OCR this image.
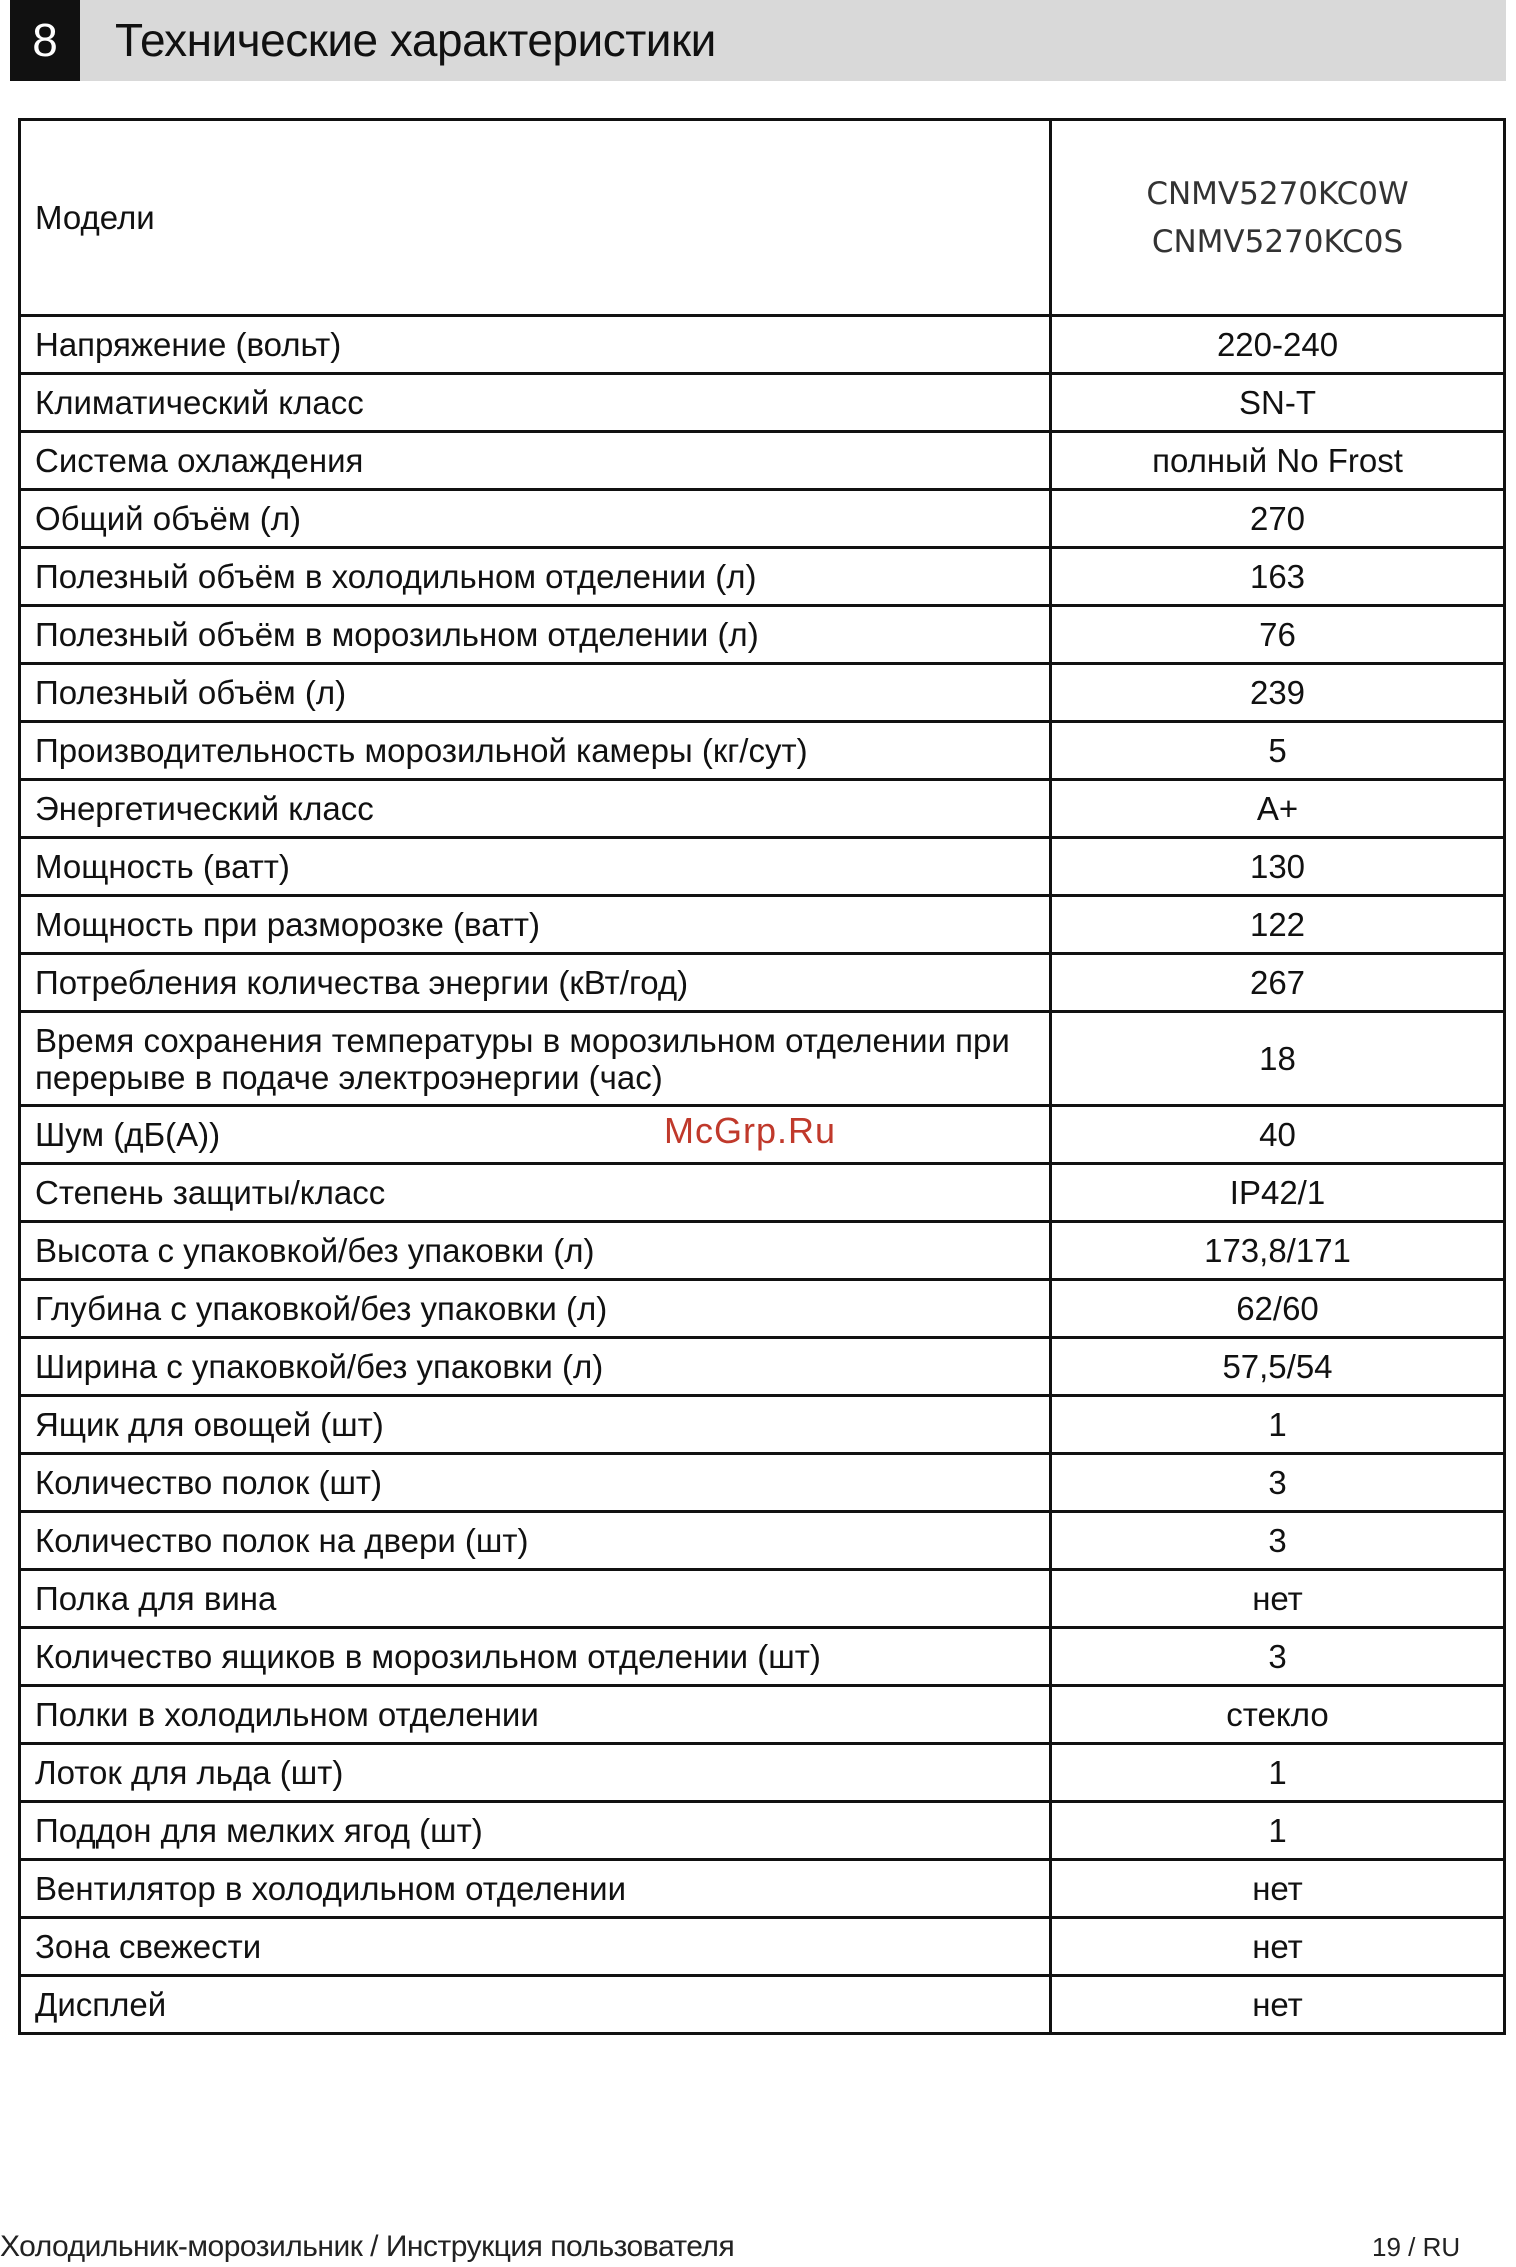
8	Технические характеристики
Модели	CNMV5270KC0W
CNMV5270KC0S

Напряжение (вольт)	220-240
Климатический класс	SN-T
Система охлаждения	полный No Frost
Общий объём (л)	270
Полезный объём в холодильном отделении (л)	163
Полезный объём в морозильном отделении (л)	76
Полезный объём (л)	239
Производительность морозильной камеры (кг/сут)	5
Энергетический класс	А+
Мощность (ватт)	130
Мощность при разморозке (ватт)	122
Потребления количества энергии (кВт/год)	267
Время сохранения температуры в морозильном отделении при перерыве в подаче электроэнергии (час)	18
Шум (дБ(А))	40
Степень защиты/класс	IP42/1
Высота с упаковкой/без упаковки (л)	173,8/171
Глубина с упаковкой/без упаковки (л)	62/60
Ширина с упаковкой/без упаковки (л)	57,5/54
Ящик для овощей (шт)	1
Количество полок (шт)	3
Количество полок на двери (шт)	3
Полка для вина	нет
Количество ящиков в морозильном отделении (шт)	3
Полки в холодильном отделении	стекло
Лоток для льда (шт)	1
Поддон для мелких ягод (шт)	1
Вентилятор в холодильном отделении	нет
Зона свежести	нет
Дисплей	нет
McGrp.Ru
Холодильник-морозильник / Инструкция пользователя	19 / RU
